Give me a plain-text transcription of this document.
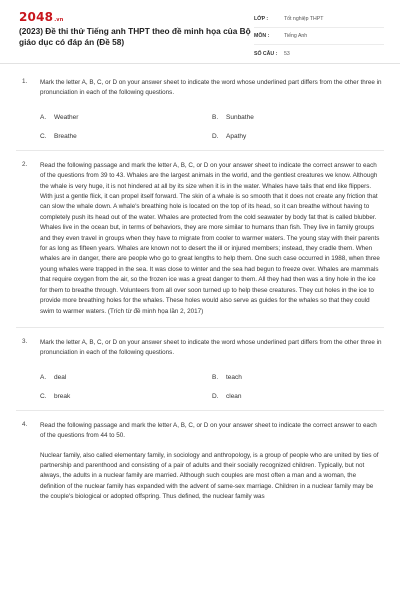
2048.vn
(2023) Đề thi thử Tiếng anh THPT theo đề minh họa của Bộ giáo dục có đáp án (Đề 58)
LỚP :	Tốt nghiệp THPT
MÔN :	Tiếng Anh
SỐ CÂU :	53
1. Mark the letter A, B, C, or D on your answer sheet to indicate the word whose underlined part differs from the other three in pronunciation in each of the following questions.
A. Weather	B. Sunbathe
C. Breathe	D. Apathy
2. Read the following passage and mark the letter A, B, C, or D on your answer sheet to indicate the correct answer to each of the questions from 39 to 43. Whales are the largest animals in the world, and the gentlest creatures we know. Although the whale is very huge, it is not hindered at all by its size when it is in the water. Whales have tails that end like flippers. With just a gentle flick, it can propel itself forward. The skin of a whale is so smooth that it does not create any friction that can slow the whale down. A whale's breathing hole is located on the top of its head, so it can breathe without having to completely push its head out of the water. Whales are protected from the cold seawater by body fat that is called blubber. Whales live in the ocean but, in terms of behaviors, they are more similar to humans than fish. They live in family groups and they even travel in groups when they have to migrate from cooler to warmer waters. The young stay with their parents for as long as fifteen years. Whales are known not to desert the ill or injured members; instead, they cradle them. When whales are in danger, there are people who go to great lengths to help them. One such case occurred in 1988, when three young whales were trapped in the sea. It was close to winter and the sea had begun to freeze over. Whales are mammals that require oxygen from the air, so the frozen ice was a great danger to them. All they had then was a tiny hole in the ice for them to breathe through. Volunteers from all over soon turned up to help these creatures. They cut holes in the ice to provide more breathing holes for the whales. These holes would also serve as guides for the whales so that they could swim to warmer waters. (Trích từ đề minh họa lần 2, 2017)
3. Mark the letter A, B, C, or D on your answer sheet to indicate the word whose underlined part differs from the other three in pronunciation in each of the following questions.
A. deal	B. teach
C. break	D. clean
4. Read the following passage and mark the letter A, B, C, or D on your answer sheet to indicate the correct answer to each of the questions from 44 to 50.
Nuclear family, also called elementary family, in sociology and anthropology, is a group of people who are united by ties of partnership and parenthood and consisting of a pair of adults and their socially recognized children. Typically, but not always, the adults in a nuclear family are married. Although such couples are most often a man and a woman, the definition of the nuclear family has expanded with the advent of same-sex marriage. Children in a nuclear family may be the couple's biological or adopted offspring. Thus defined, the nuclear family was
